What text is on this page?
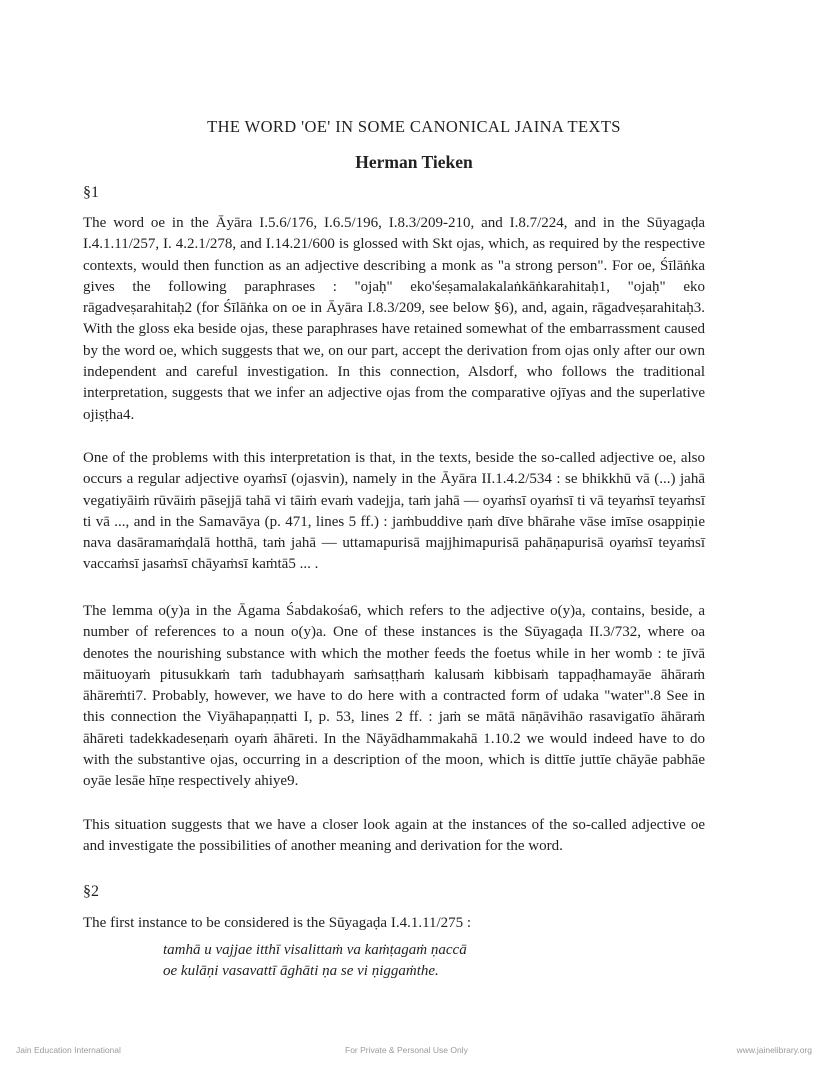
THE WORD 'OE' IN SOME CANONICAL JAINA TEXTS
Herman Tieken
§1
The word oe in the Āyāra I.5.6/176, I.6.5/196, I.8.3/209-210, and I.8.7/224, and in the Sūyagaḍa I.4.1.11/257, I. 4.2.1/278, and I.14.21/600 is glossed with Skt ojas, which, as required by the respective contexts, would then function as an adjective describing a monk as "a strong person". For oe, Śīlāṅka gives the following paraphrases : "ojaḥ" eko'śeṣamalakalaṅkāṅkarahitaḥ1, "ojaḥ" eko rāgadveṣarahitaḥ2 (for Śīlāṅka on oe in Āyāra I.8.3/209, see below §6), and, again, rāgadveṣarahitaḥ3. With the gloss eka beside ojas, these paraphrases have retained somewhat of the embarrassment caused by the word oe, which suggests that we, on our part, accept the derivation from ojas only after our own independent and careful investigation. In this connection, Alsdorf, who follows the traditional interpretation, suggests that we infer an adjective ojas from the comparative ojīyas and the superlative ojiṣṭha4.
One of the problems with this interpretation is that, in the texts, beside the so-called adjective oe, also occurs a regular adjective oyaṁsī (ojasvin), namely in the Āyāra II.1.4.2/534 : se bhikkhū vā (...) jahā vegatiyāiṁ rūvāiṁ pāsejjā tahā vi tāiṁ evaṁ vadejja, taṁ jahā — oyaṁsī oyaṁsī ti vā teyaṁsī teyaṁsī ti vā ..., and in the Samavāya (p. 471, lines 5 ff.) : jaṁbuddive ṇaṁ dīve bhārahe vāse imīse osappiṇie nava dasāramaṁḍalā hotthā, taṁ jahā — uttamapurisā majjhimapurisā pahāṇapurisā oyaṁsī teyaṁsī vaccaṁsī jasaṁsī chāyaṁsī kaṁtā5 ... .
The lemma o(y)a in the Āgama Śabdakośa6, which refers to the adjective o(y)a, contains, beside, a number of references to a noun o(y)a. One of these instances is the Sūyagaḍa II.3/732, where oa denotes the nourishing substance with which the mother feeds the foetus while in her womb : te jīvā māituoyaṁ pitusukkaṁ taṁ tadubhayaṁ saṁsaṭṭhaṁ kalusaṁ kibbisaṁ tappaḍhamayāe āhāraṁ āhāreṁti7. Probably, however, we have to do here with a contracted form of udaka "water".8 See in this connection the Viyāhapaṇṇatti I, p. 53, lines 2 ff. : jaṁ se mātā nāṇāvihāo rasavigatīo āhāraṁ āhāreti tadekkadeseṇaṁ oyaṁ āhāreti. In the Nāyādhammakahā 1.10.2 we would indeed have to do with the substantive ojas, occurring in a description of the moon, which is dittīe juttīe chāyāe pabhāe oyāe lesāe hīṇe respectively ahiye9.
This situation suggests that we have a closer look again at the instances of the so-called adjective oe and investigate the possibilities of another meaning and derivation for the word.
§2
The first instance to be considered is the Sūyagaḍa I.4.1.11/275 :
tamhā u vajjae itthī visalittaṁ va kaṁṭagaṁ ṇaccā
oe kulāṇi vasavattī āghāti ṇa se vi ṇiggaṁthe.
Jain Education International	For Private & Personal Use Only	www.jainelibrary.org
